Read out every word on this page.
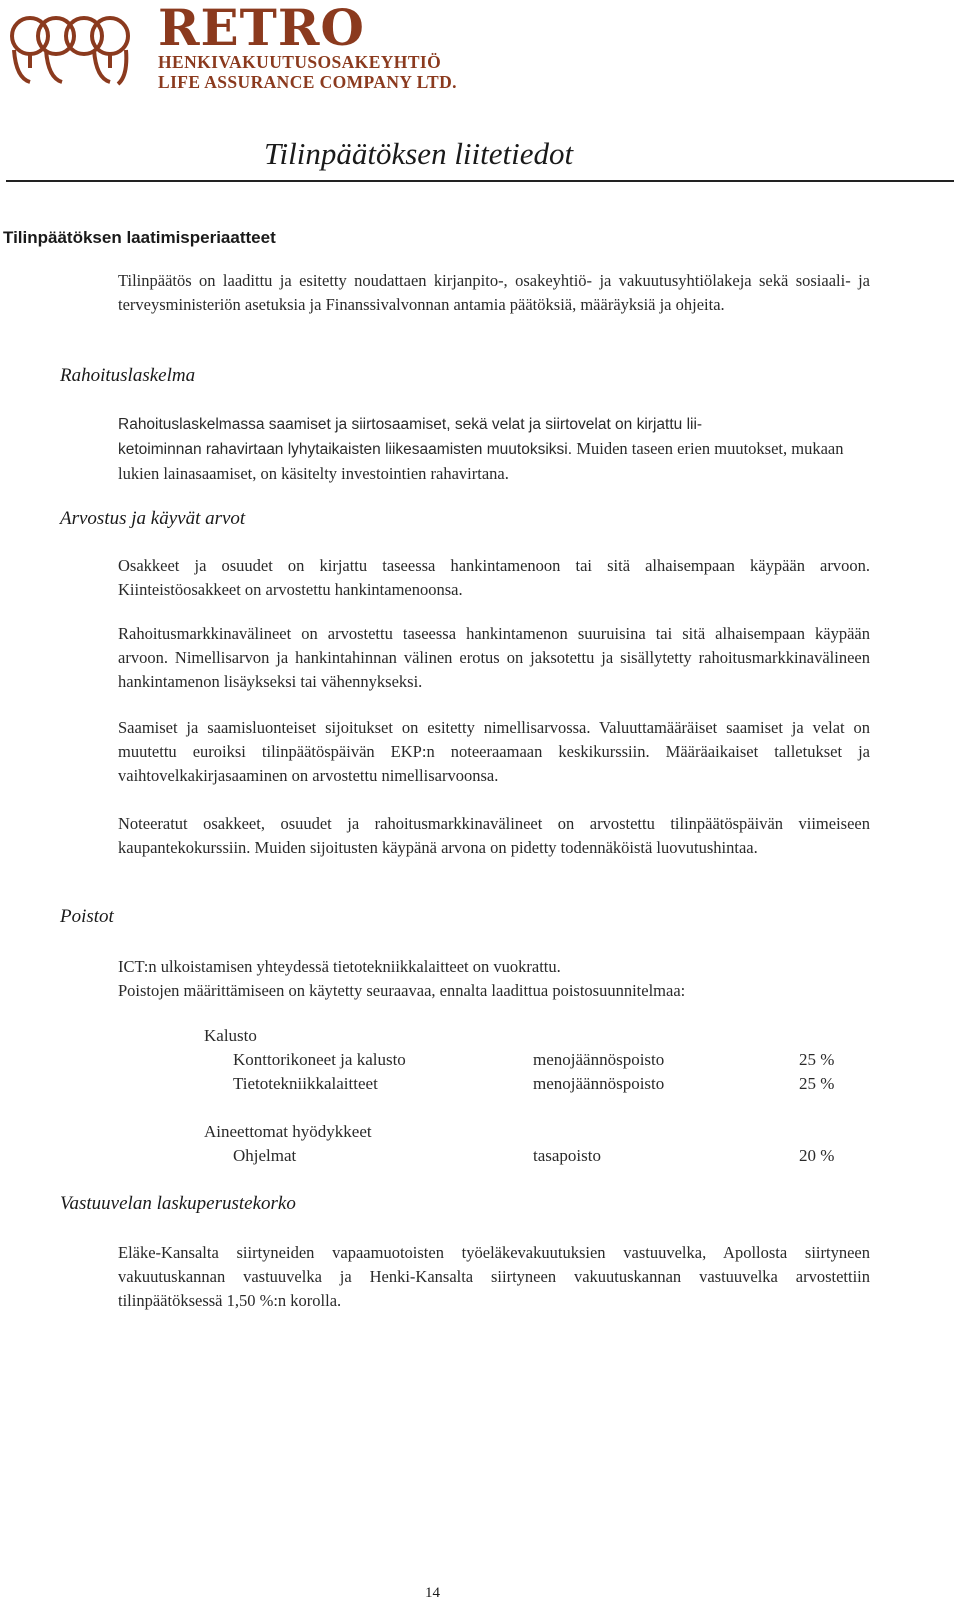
RETRO
HENKIVAKUUTUSOSAKEYHTIÖ
LIFE ASSURANCE COMPANY LTD.
Tilinpäätöksen liitetiedot
Tilinpäätöksen laatimisperiaatteet
Tilinpäätös on laadittu ja esitetty noudattaen kirjanpito-, osakeyhtiö- ja vakuutusyhtiölakeja sekä sosiaali- ja terveysministeriön asetuksia ja Finanssivalvonnan antamia päätöksiä, määräyksiä ja ohjeita.
Rahoituslaskelma
Rahoituslaskelmassa saamiset ja siirtosaamiset, sekä velat ja siirtovelat on kirjattu lii-
ketoiminnan rahavirtaan lyhytaikaisten liikesaamisten muutoksiksi. Muiden taseen erien muutokset, mukaan lukien lainasaamiset, on käsitelty investointien rahavirtana.
Arvostus ja käyvät arvot
Osakkeet ja osuudet on kirjattu taseessa hankintamenoon tai sitä alhaisempaan käypään arvoon. Kiinteistöosakkeet on arvostettu hankintamenoonsa.
Rahoitusmarkkinavälineet on arvostettu taseessa hankintamenon suuruisina tai sitä alhaisempaan käypään arvoon. Nimellisarvon ja hankintahinnan välinen erotus on jaksotettu ja sisällytetty rahoitusmarkkinavälineen hankintamenon lisäykseksi tai vähennykseksi.
Saamiset ja saamisluonteiset sijoitukset on esitetty nimellisarvossa. Valuuttamääräiset saamiset ja velat on muutettu euroiksi tilinpäätöspäivän EKP:n noteeraamaan keskikurssiin. Määräaikaiset talletukset ja vaihtovelkakirjasaaminen on arvostettu nimellisarvoonsa.
Noteeratut osakkeet, osuudet ja rahoitusmarkkinavälineet on arvostettu tilinpäätöspäivän viimeiseen kaupantekokurssiin. Muiden sijoitusten käypänä arvona on pidetty todennäköistä luovutushintaa.
Poistot
ICT:n ulkoistamisen yhteydessä tietotekniikkalaitteet on vuokrattu.
Poistojen määrittämiseen on käytetty seuraavaa, ennalta laadittua poistosuunnitelmaa:
Kalusto
Konttorikoneet ja kalusto	menojäännöspoisto	25 %
Tietotekniikkalaitteet	menojäännöspoisto	25 %
Aineettomat hyödykkeet
Ohjelmat	tasapoisto	20 %
Vastuuvelan laskuperustekorko
Eläke-Kansalta siirtyneiden vapaamuotoisten työeläkevakuutuksien vastuuvelka, Apollosta siirtyneen vakuutuskannan vastuuvelka ja Henki-Kansalta siirtyneen vakuutuskannan vastuuvelka arvostettiin tilinpäätöksessä 1,50 %:n korolla.
14
